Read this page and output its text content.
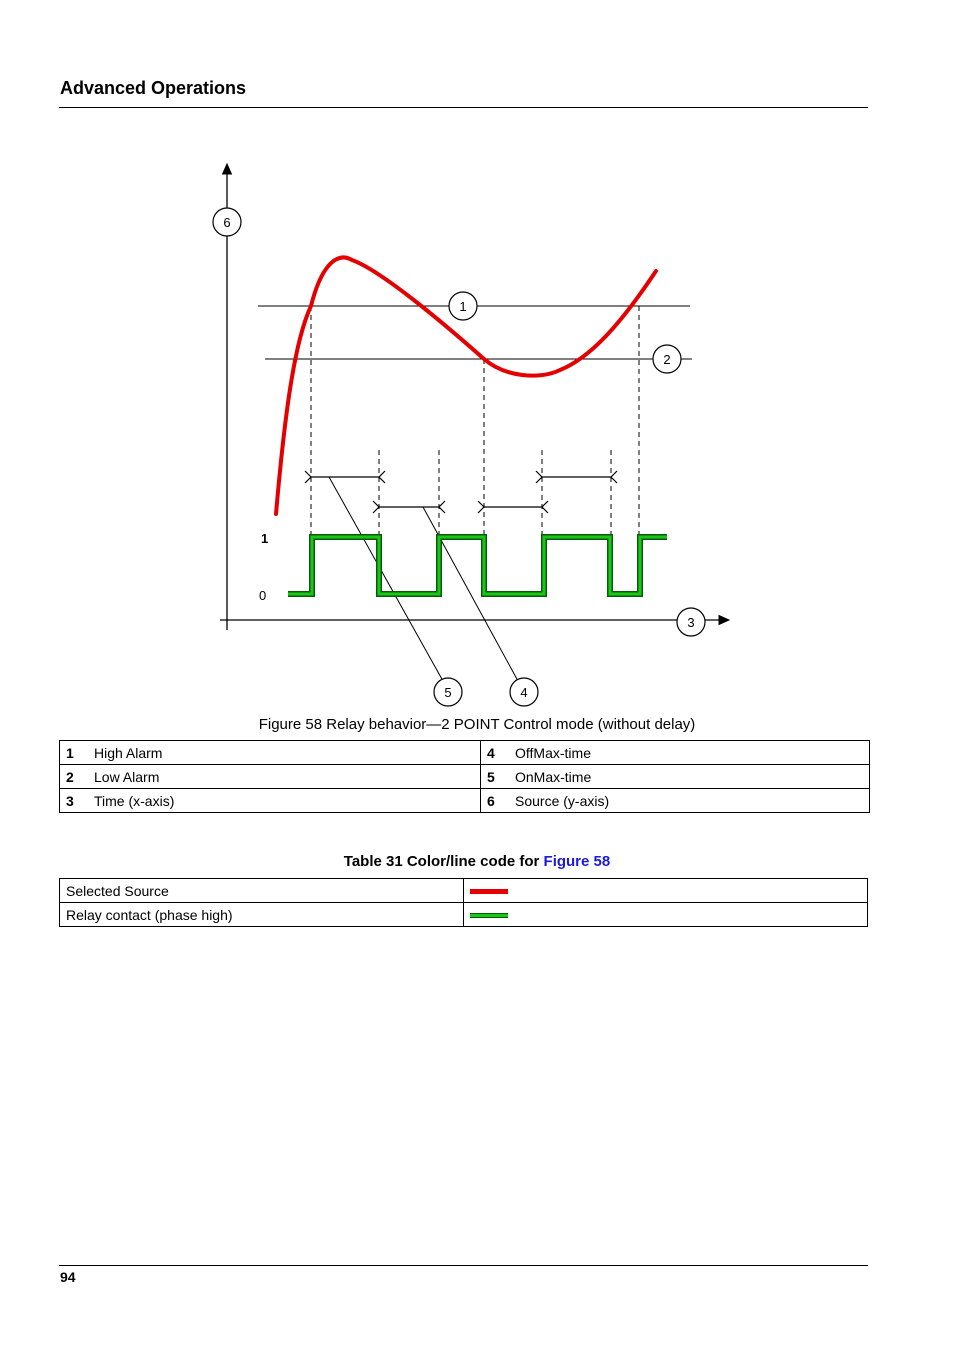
Advanced Operations
1
0
6
1
2
3
5	4
Figure 58 Relay behavior—2 POINT Control mode (without delay)
1 High Alarm	4 OffMax-time
2 Low Alarm	5 OnMax-time
3 Time (x-axis)	6 Source (y-axis)
Table 31 Color/line code for Figure 58
Selected Source	
Relay contact (phase high)	
94
